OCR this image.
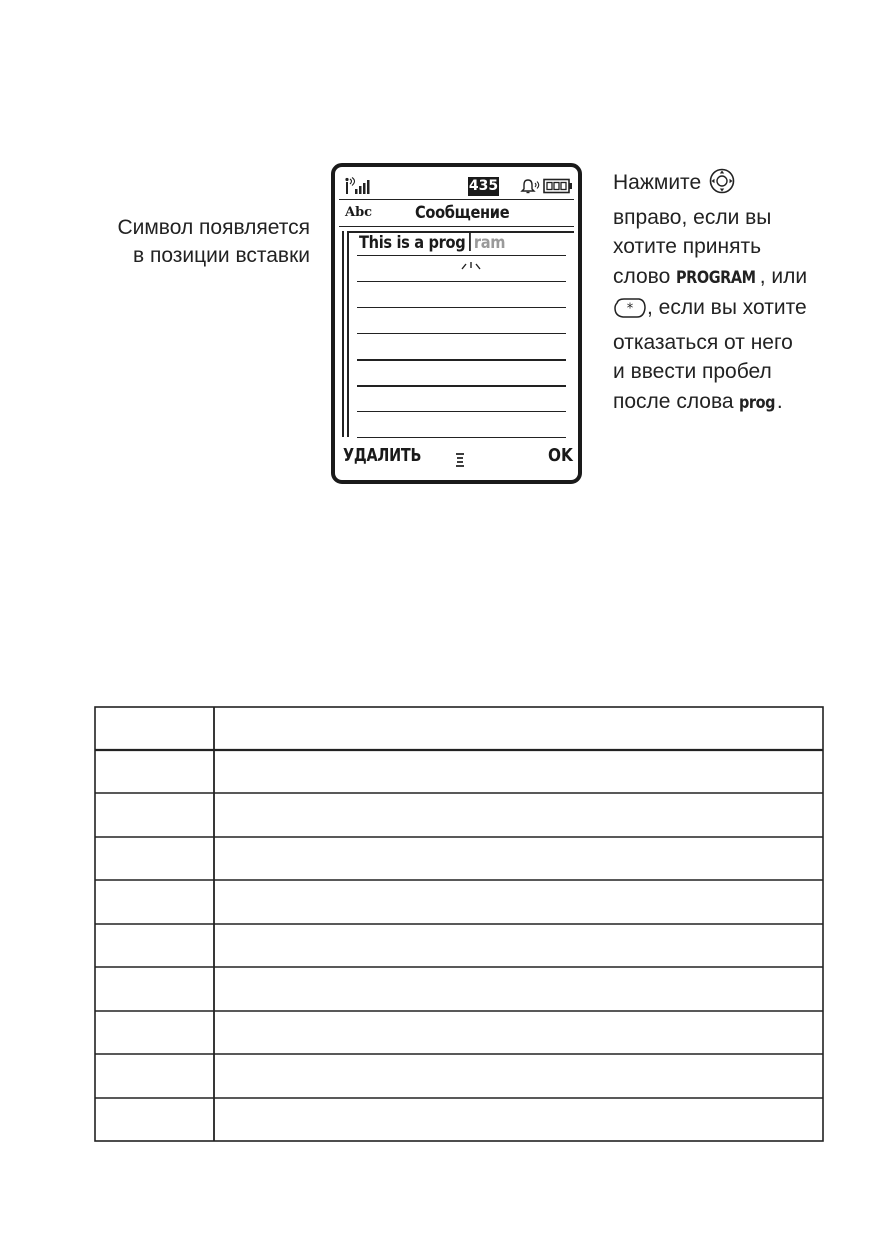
Символ появляется
в позиции вставки
Нажмите
вправо, если вы
хотите принять
слово PROGRAM , или
* , если вы хотите
отказаться от него
и ввести пробел
после слова prog.
435
Abc	Сообщение
This is a prog ram
УДАЛИТЬ	OK
